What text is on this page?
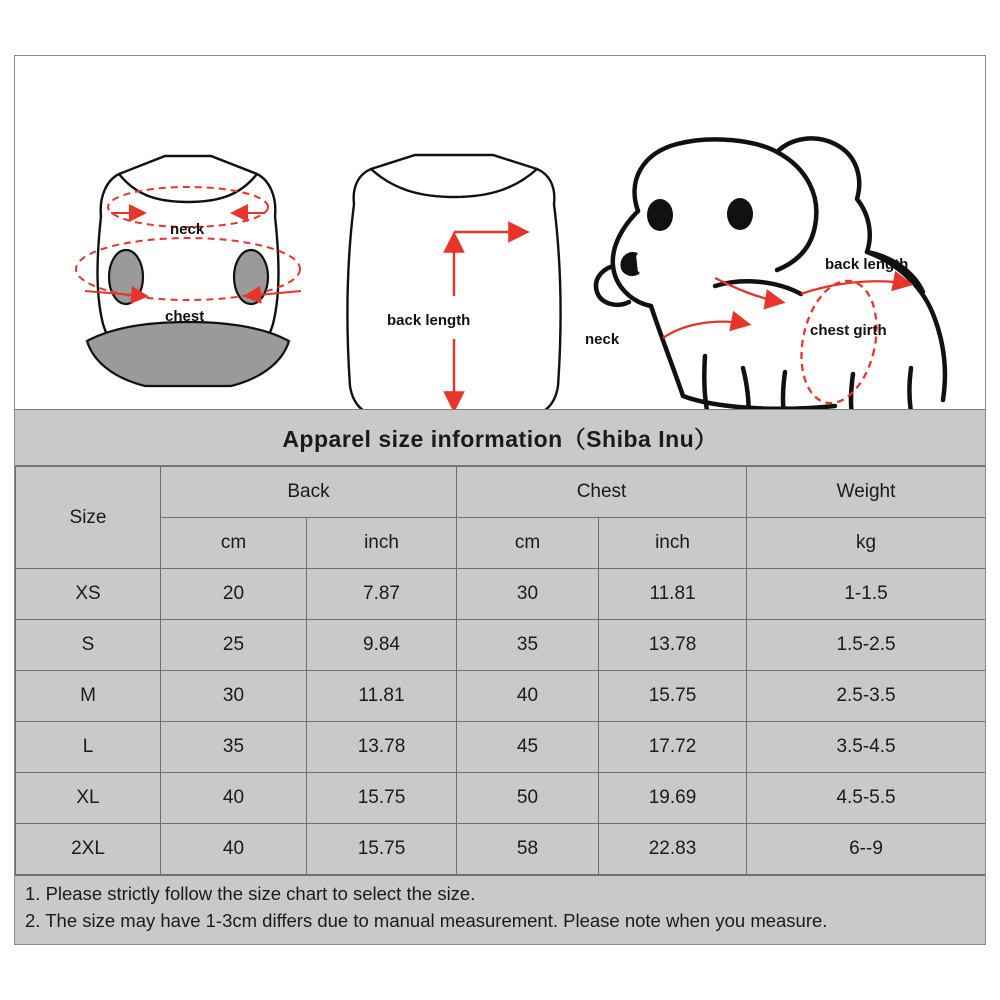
neck
chest	back length
neck
back length
chest girth
Apparel size information（Shiba Inu）
Size	Back		Chest		Weight
	cm	inch	cm	inch	kg
XS	20	7.87	30	11.81	1-1.5
S	25	9.84	35	13.78	1.5-2.5
M	30	11.81	40	15.75	2.5-3.5
L	35	13.78	45	17.72	3.5-4.5
XL	40	15.75	50	19.69	4.5-5.5
2XL	40	15.75	58	22.83	6--9

1. Please strictly follow the size chart to select the size.

2. The size may have 1-3cm differs due to manual measurement. Please note when you measure.
